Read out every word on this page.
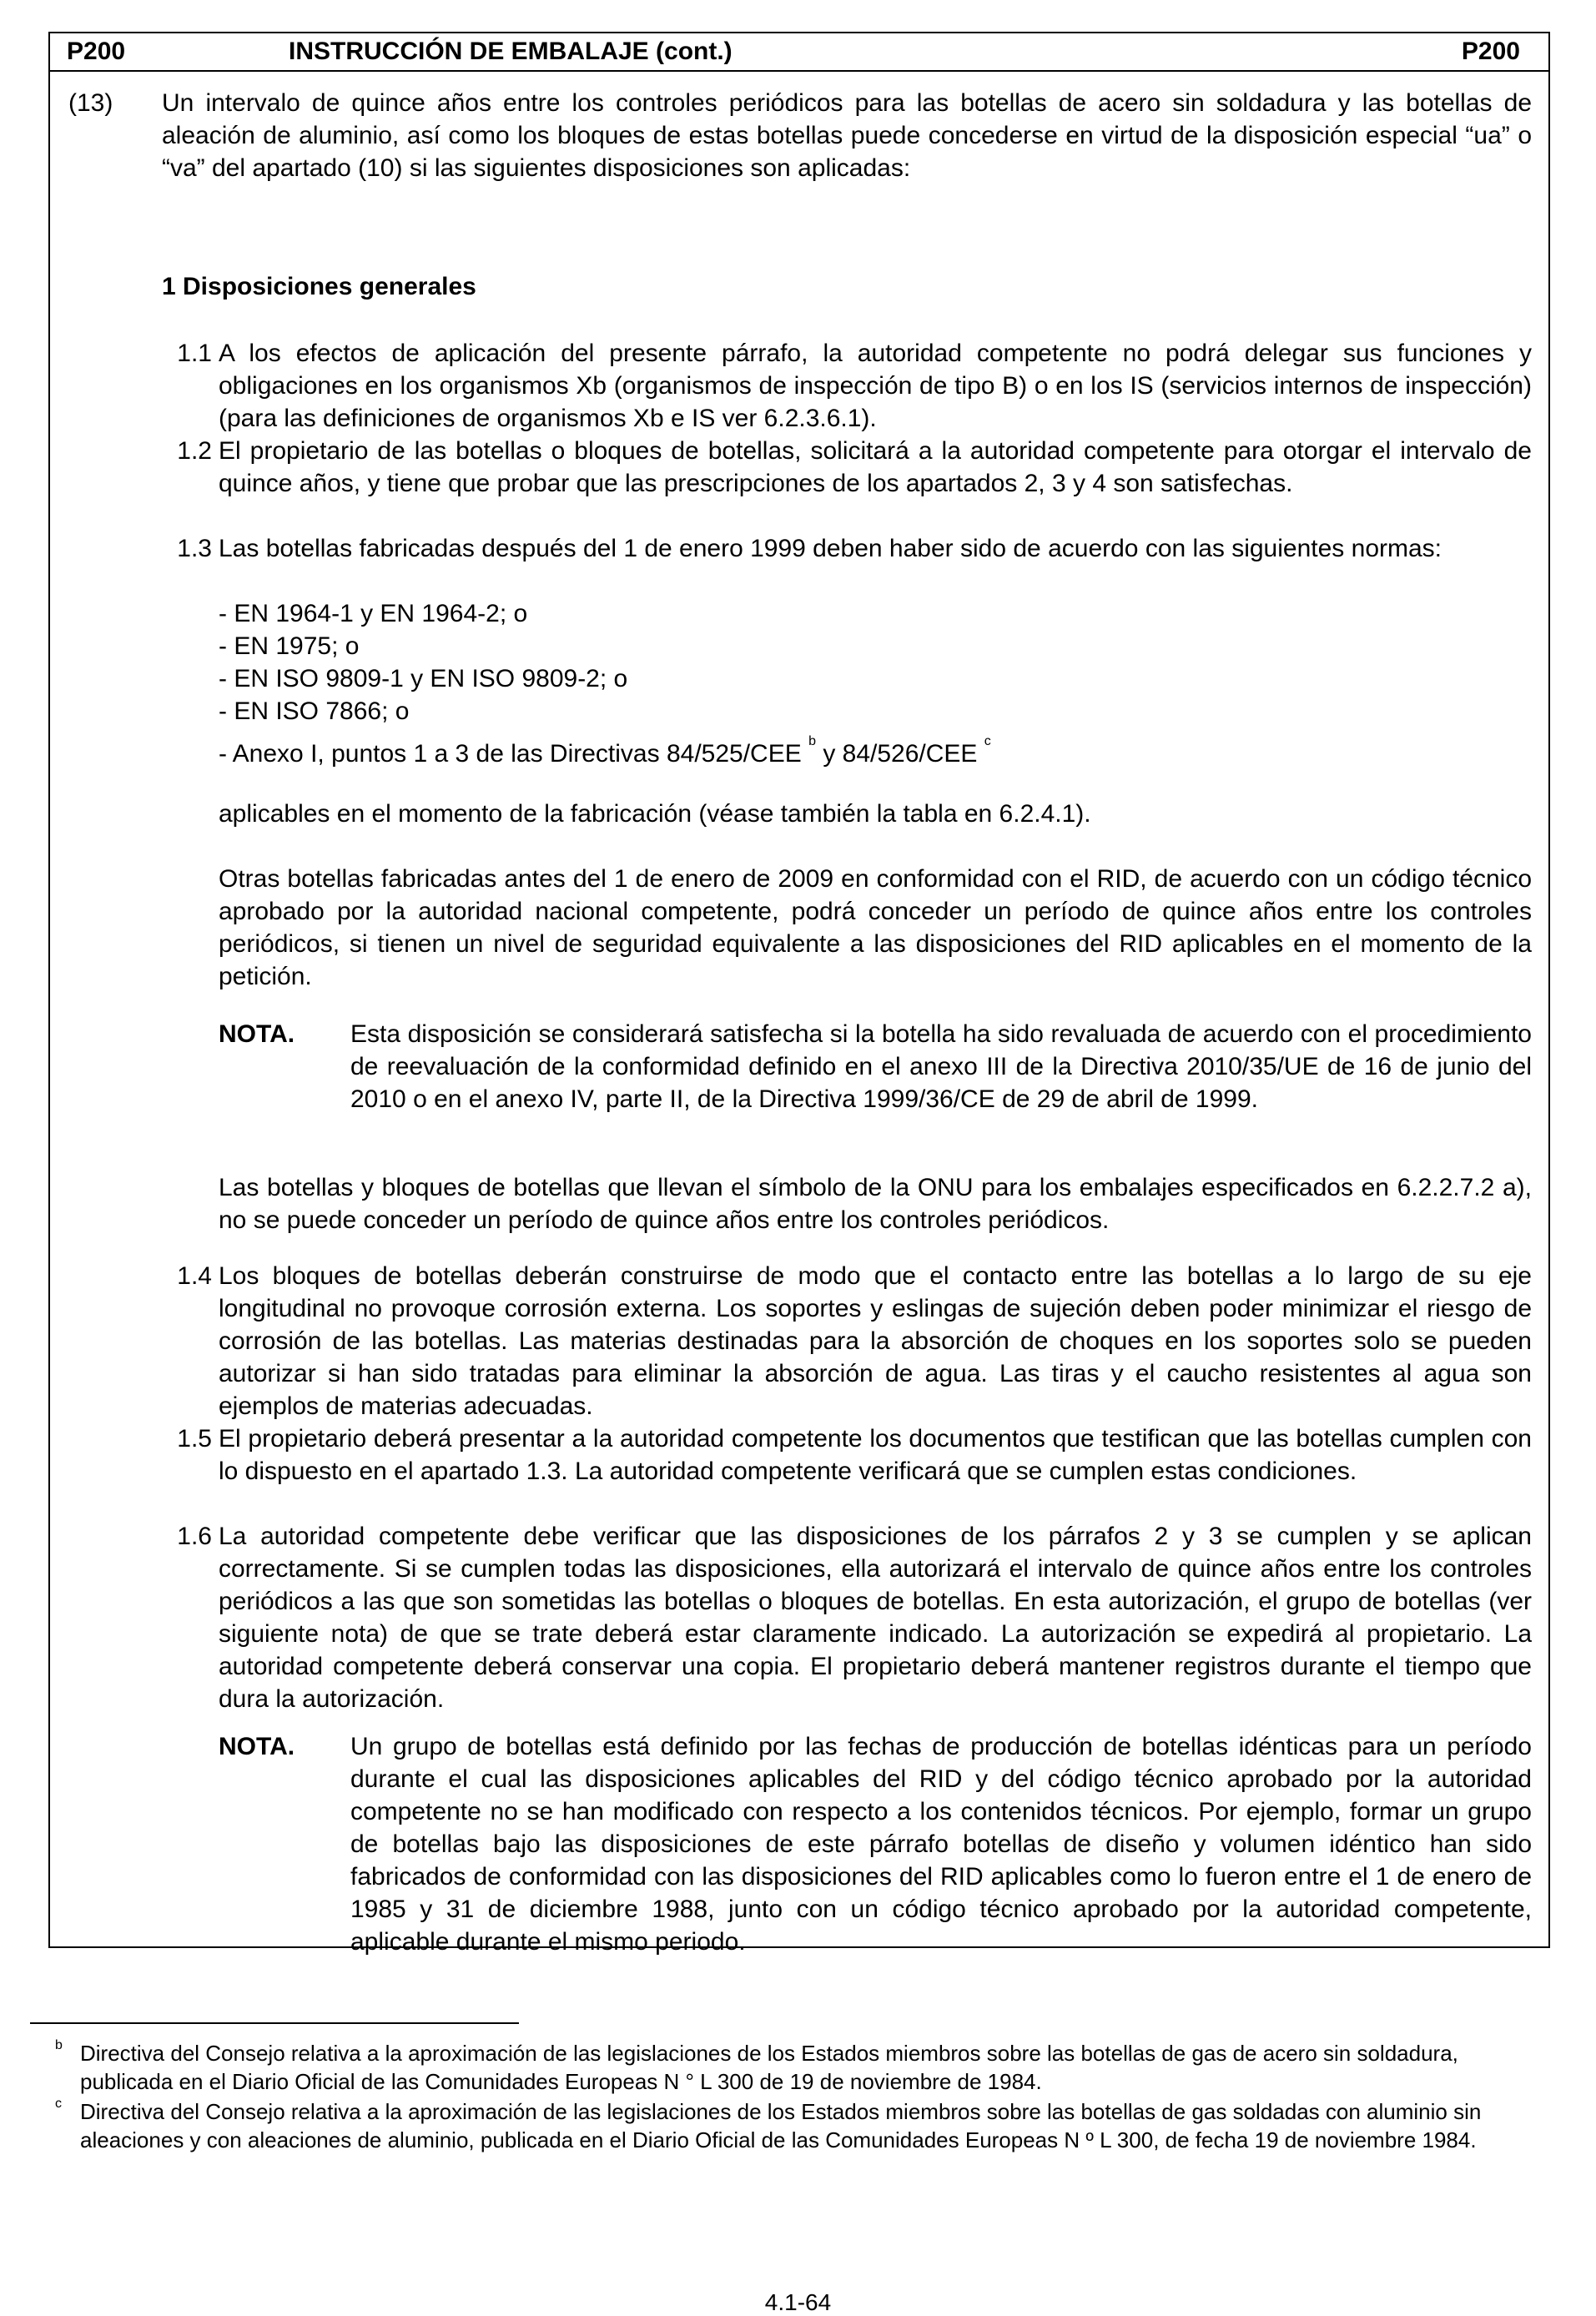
P200	INSTRUCCIÓN DE EMBALAJE (cont.)	P200
(13) Un intervalo de quince años entre los controles periódicos para las botellas de acero sin soldadura y las botellas de aleación de aluminio, así como los bloques de estas botellas puede concederse en virtud de la disposición especial “ua” o “va” del apartado (10) si las siguientes disposiciones son aplicadas:
1 Disposiciones generales
1.1 A los efectos de aplicación del presente párrafo, la autoridad competente no podrá delegar sus funciones y obligaciones en los organismos Xb (organismos de inspección de tipo B) o en los IS (servicios internos de inspección) (para las definiciones de organismos Xb e IS ver 6.2.3.6.1).
1.2 El propietario de las botellas o bloques de botellas, solicitará a la autoridad competente para otorgar el intervalo de quince años, y tiene que probar que las prescripciones de los apartados 2, 3 y 4 son satisfechas.
1.3 Las botellas fabricadas después del 1 de enero 1999 deben haber sido de acuerdo con las siguientes normas:
- EN 1964-1 y EN 1964-2; o
- EN 1975; o
- EN ISO 9809-1 y EN ISO 9809-2; o
- EN ISO 7866; o
- Anexo I, puntos 1 a 3 de las Directivas 84/525/CEE $^b$ y 84/526/CEE $^c$
aplicables en el momento de la fabricación (véase también la tabla en 6.2.4.1).
Otras botellas fabricadas antes del 1 de enero de 2009 en conformidad con el RID, de acuerdo con un código técnico aprobado por la autoridad nacional competente, podrá conceder un período de quince años entre los controles periódicos, si tienen un nivel de seguridad equivalente a las disposiciones del RID aplicables en el momento de la petición.
NOTA. Esta disposición se considerará satisfecha si la botella ha sido revaluada de acuerdo con el procedimiento de reevaluación de la conformidad definido en el anexo III de la Directiva 2010/35/UE de 16 de junio del 2010 o en el anexo IV, parte II, de la Directiva 1999/36/CE de 29 de abril de 1999.
Las botellas y bloques de botellas que llevan el símbolo de la ONU para los embalajes especificados en 6.2.2.7.2 a), no se puede conceder un período de quince años entre los controles periódicos.
1.4 Los bloques de botellas deberán construirse de modo que el contacto entre las botellas a lo largo de su eje longitudinal no provoque corrosión externa. Los soportes y eslingas de sujeción deben poder minimizar el riesgo de corrosión de las botellas. Las materias destinadas para la absorción de choques en los soportes solo se pueden autorizar si han sido tratadas para eliminar la absorción de agua. Las tiras y el caucho resistentes al agua son ejemplos de materias adecuadas.
1.5 El propietario deberá presentar a la autoridad competente los documentos que testifican que las botellas cumplen con lo dispuesto en el apartado 1.3. La autoridad competente verificará que se cumplen estas condiciones.
1.6 La autoridad competente debe verificar que las disposiciones de los párrafos 2 y 3 se cumplen y se aplican correctamente. Si se cumplen todas las disposiciones, ella autorizará el intervalo de quince años entre los controles periódicos a las que son sometidas las botellas o bloques de botellas. En esta autorización, el grupo de botellas (ver siguiente nota) de que se trate deberá estar claramente indicado. La autorización se expedirá al propietario. La autoridad competente deberá conservar una copia. El propietario deberá mantener registros durante el tiempo que dura la autorización.
NOTA. Un grupo de botellas está definido por las fechas de producción de botellas idénticas para un período durante el cual las disposiciones aplicables del RID y del código técnico aprobado por la autoridad competente no se han modificado con respecto a los contenidos técnicos. Por ejemplo, formar un grupo de botellas bajo las disposiciones de este párrafo botellas de diseño y volumen idéntico han sido fabricados de conformidad con las disposiciones del RID aplicables como lo fueron entre el 1 de enero de 1985 y 31 de diciembre 1988, junto con un código técnico aprobado por la autoridad competente, aplicable durante el mismo periodo.
b Directiva del Consejo relativa a la aproximación de las legislaciones de los Estados miembros sobre las botellas de gas de acero sin soldadura, publicada en el Diario Oficial de las Comunidades Europeas N ° L 300 de 19 de noviembre de 1984.
c Directiva del Consejo relativa a la aproximación de las legislaciones de los Estados miembros sobre las botellas de gas soldadas con aluminio sin aleaciones y con aleaciones de aluminio, publicada en el Diario Oficial de las Comunidades Europeas N º L 300, de fecha 19 de noviembre 1984.
4.1-64
